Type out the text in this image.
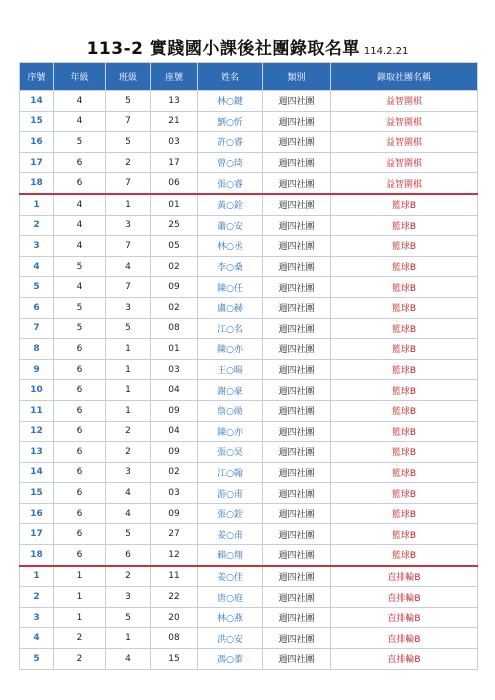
113-2 實踐國小課後社團錄取名單 114.2.21
序號	年級	班級	座號	姓名	類別	錄取社團名稱
14	4	5	13	林○鍵	週四社團	益智圍棋
15	4	7	21	劉○忻	週四社團	益智圍棋
16	5	5	03	許○睿	週四社團	益智圍棋
17	6	2	17	曾○琦	週四社團	益智圍棋
18	6	7	06	張○睿	週四社團	益智圍棋
1	4	1	01	黃○銓	週四社團	籃球B
2	4	3	25	蕭○安	週四社團	籃球B
3	4	7	05	林○丞	週四社團	籃球B
4	5	4	02	李○桑	週四社團	籃球B
5	4	7	09	陳○任	週四社團	籃球B
6	5	3	02	盧○赫	週四社團	籃球B
7	5	5	08	江○名	週四社團	籃球B
8	6	1	01	陳○亦	週四社團	籃球B
9	6	1	03	王○暘	週四社團	籃球B
10	6	1	04	謝○豪	週四社團	籃球B
11	6	1	09	詹○勛	週四社團	籃球B
12	6	2	04	陳○亦	週四社團	籃球B
13	6	2	09	張○昊	週四社團	籃球B
14	6	3	02	江○翰	週四社團	籃球B
15	6	4	03	游○甫	週四社團	籃球B
16	6	4	09	張○銓	週四社團	籃球B
17	6	5	27	姜○甫	週四社團	籃球B
18	6	6	12	賴○翔	週四社團	籃球B
1	1	2	11	姜○佳	週四社團	直排輪B
2	1	3	22	唐○庭	週四社團	直排輪B
3	1	5	20	林○燕	週四社團	直排輪B
4	2	1	08	洪○安	週四社團	直排輪B
5	2	4	15	馮○蓁	週四社團	直排輪B
